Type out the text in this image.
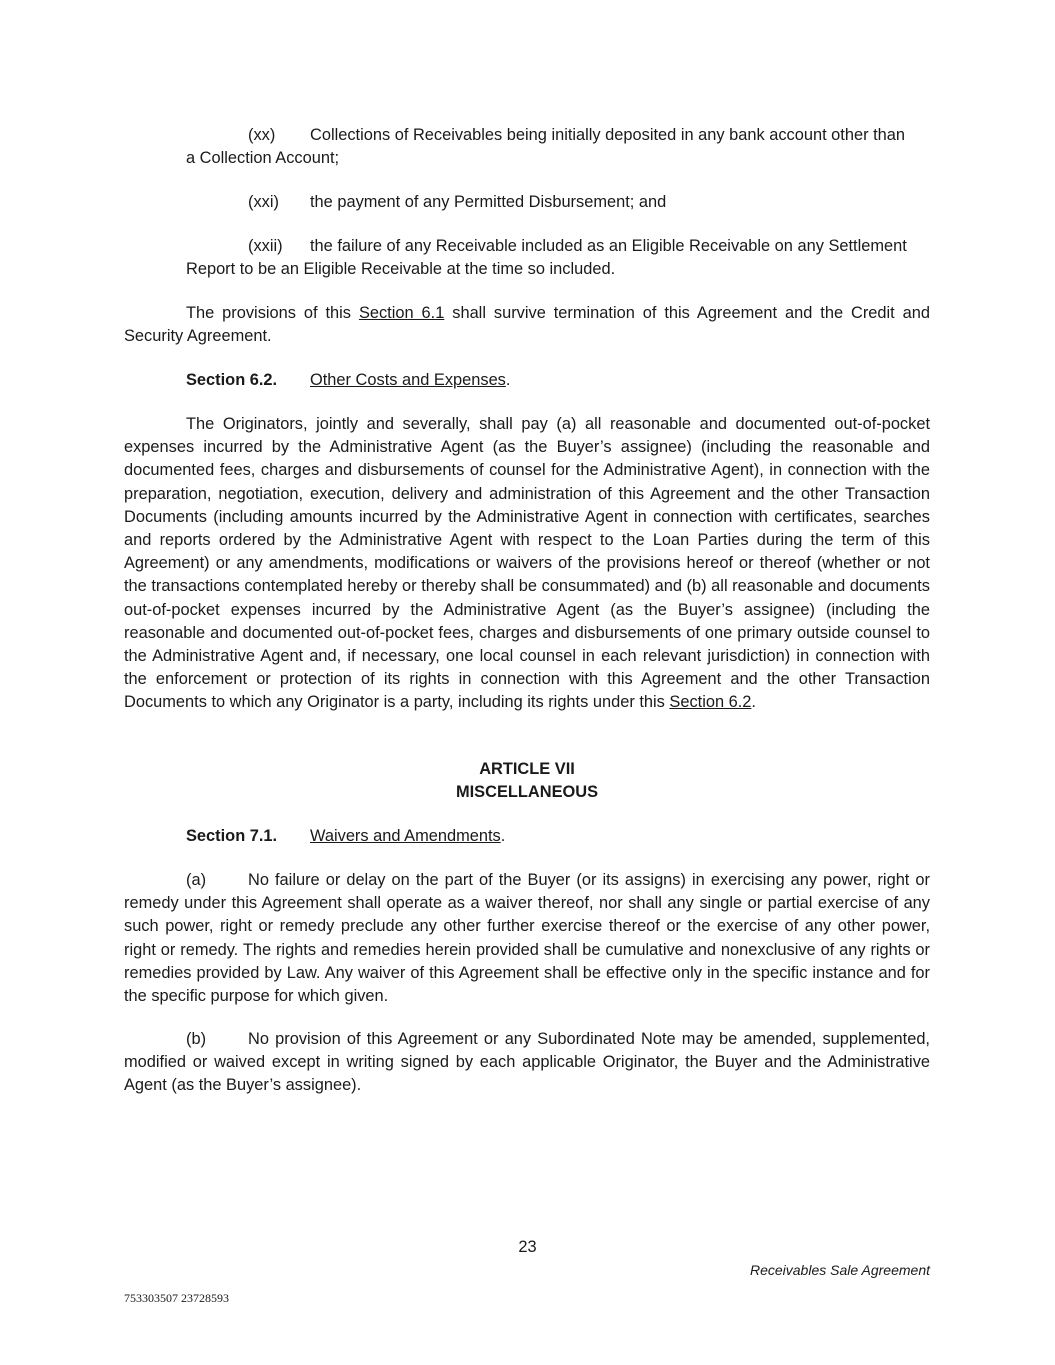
(xx) Collections of Receivables being initially deposited in any bank account other than
a Collection Account;
(xxi) the payment of any Permitted Disbursement; and
(xxii) the failure of any Receivable included as an Eligible Receivable on any Settlement
Report to be an Eligible Receivable at the time so included.

The provisions of this Section 6.1 shall survive termination of this Agreement and the Credit and Security Agreement.

Section 6.2. Other Costs and Expenses.

The Originators, jointly and severally, shall pay (a) all reasonable and documented out-of-pocket expenses incurred by the Administrative Agent (as the Buyer’s assignee) (including the reasonable and documented fees, charges and disbursements of counsel for the Administrative Agent), in connection with the preparation, negotiation, execution, delivery and administration of this Agreement and the other Transaction Documents (including amounts incurred by the Administrative Agent in connection with certificates, searches and reports ordered by the Administrative Agent with respect to the Loan Parties during the term of this Agreement) or any amendments, modifications or waivers of the provisions hereof or thereof (whether or not the transactions contemplated hereby or thereby shall be consummated) and (b) all reasonable and documents out-of-pocket expenses incurred by the Administrative Agent (as the Buyer’s assignee) (including the reasonable and documented out-of-pocket fees, charges and disbursements of one primary outside counsel to the Administrative Agent and, if necessary, one local counsel in each relevant jurisdiction) in connection with the enforcement or protection of its rights in connection with this Agreement and the other Transaction Documents to which any Originator is a party, including its rights under this Section 6.2.

ARTICLE VII
MISCELLANEOUS
Section 7.1. Waivers and Amendments.

(a)	No failure or delay on the part of the Buyer (or its assigns) in exercising any power, right or remedy under this Agreement shall operate as a waiver thereof, nor shall any single or partial exercise of any such power, right or remedy preclude any other further exercise thereof or the exercise of any other power, right or remedy. The rights and remedies herein provided shall be cumulative and nonexclusive of any rights or remedies provided by Law. Any waiver of this Agreement shall be effective only in the specific instance and for the specific purpose for which given.

(b)	No provision of this Agreement or any Subordinated Note may be amended, supplemented, modified or waived except in writing signed by each applicable Originator, the Buyer and the Administrative Agent (as the Buyer’s assignee).

23
Receivables Sale Agreement
753303507 23728593
